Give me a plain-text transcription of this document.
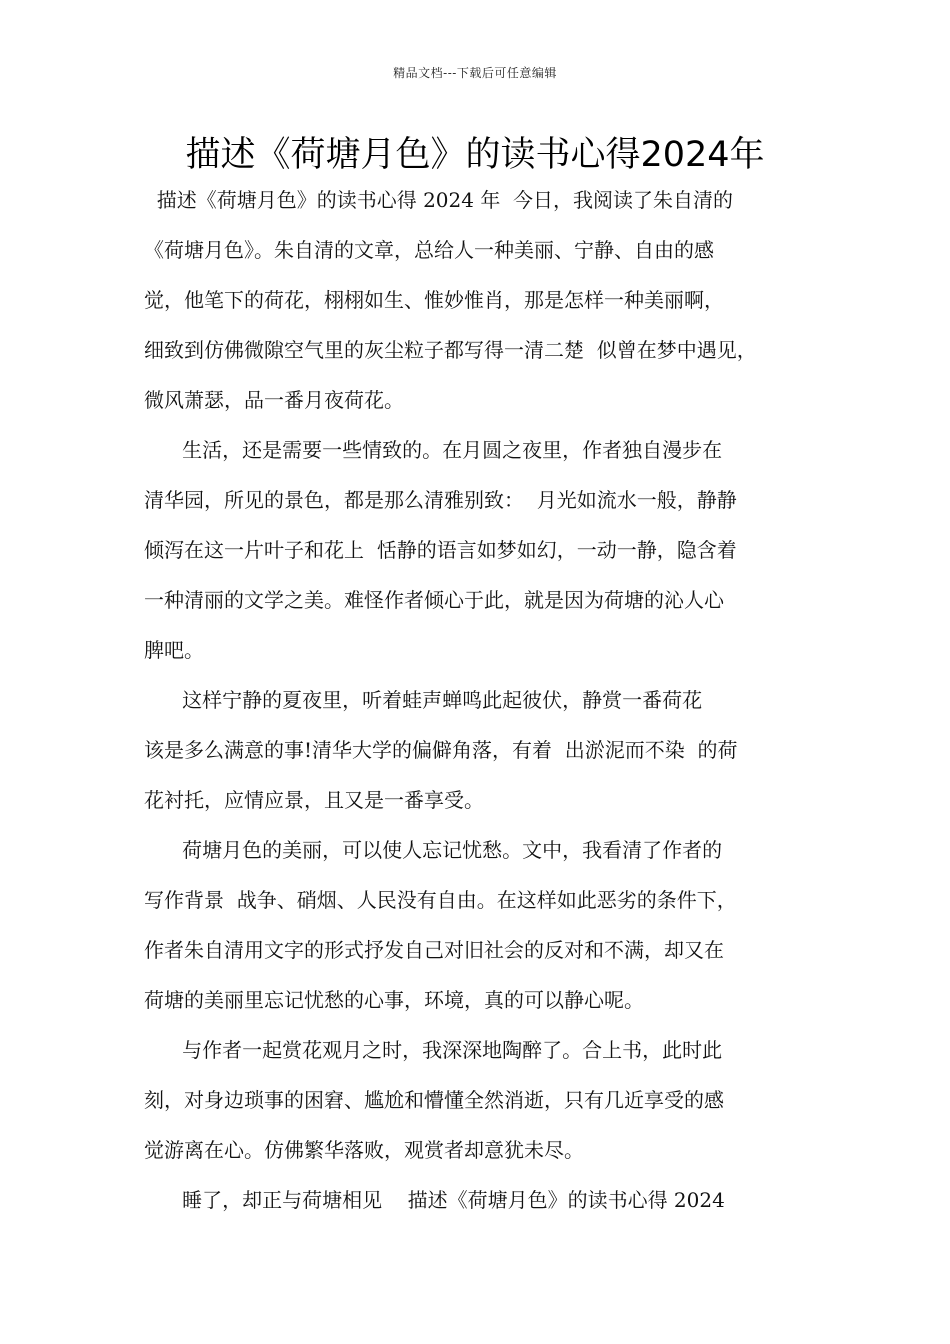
精品文档---下载后可任意编辑
描述《荷塘月色》的读书心得2024年
描述《荷塘月色》的读书心得 2024 年  今日，我阅读了朱自清的
《荷塘月色》。朱自清的文章，总给人一种美丽、宁静、自由的感
觉，他笔下的荷花，栩栩如生、惟妙惟肖，那是怎样一种美丽啊，
细致到仿佛微隙空气里的灰尘粒子都写得一清二楚  似曾在梦中遇见，
微风萧瑟，品一番月夜荷花。
生活，还是需要一些情致的。在月圆之夜里，作者独自漫步在
清华园，所见的景色，都是那么清雅别致：  月光如流水一般，静静
倾泻在这一片叶子和花上  恬静的语言如梦如幻，一动一静，隐含着
一种清丽的文学之美。难怪作者倾心于此，就是因为荷塘的沁人心
脾吧。
这样宁静的夏夜里，听着蛙声蝉鸣此起彼伏，静赏一番荷花
该是多么满意的事!清华大学的偏僻角落，有着  出淤泥而不染  的荷
花衬托，应情应景，且又是一番享受。
荷塘月色的美丽，可以使人忘记忧愁。文中，我看清了作者的
写作背景  战争、硝烟、人民没有自由。在这样如此恶劣的条件下，
作者朱自清用文字的形式抒发自己对旧社会的反对和不满，却又在
荷塘的美丽里忘记忧愁的心事，环境，真的可以静心呢。
与作者一起赏花观月之时，我深深地陶醉了。合上书，此时此
刻，对身边琐事的困窘、尴尬和懵懂全然消逝，只有几近享受的感
觉游离在心。仿佛繁华落败，观赏者却意犹未尽。
睡了，却正与荷塘相见    描述《荷塘月色》的读书心得 2024
